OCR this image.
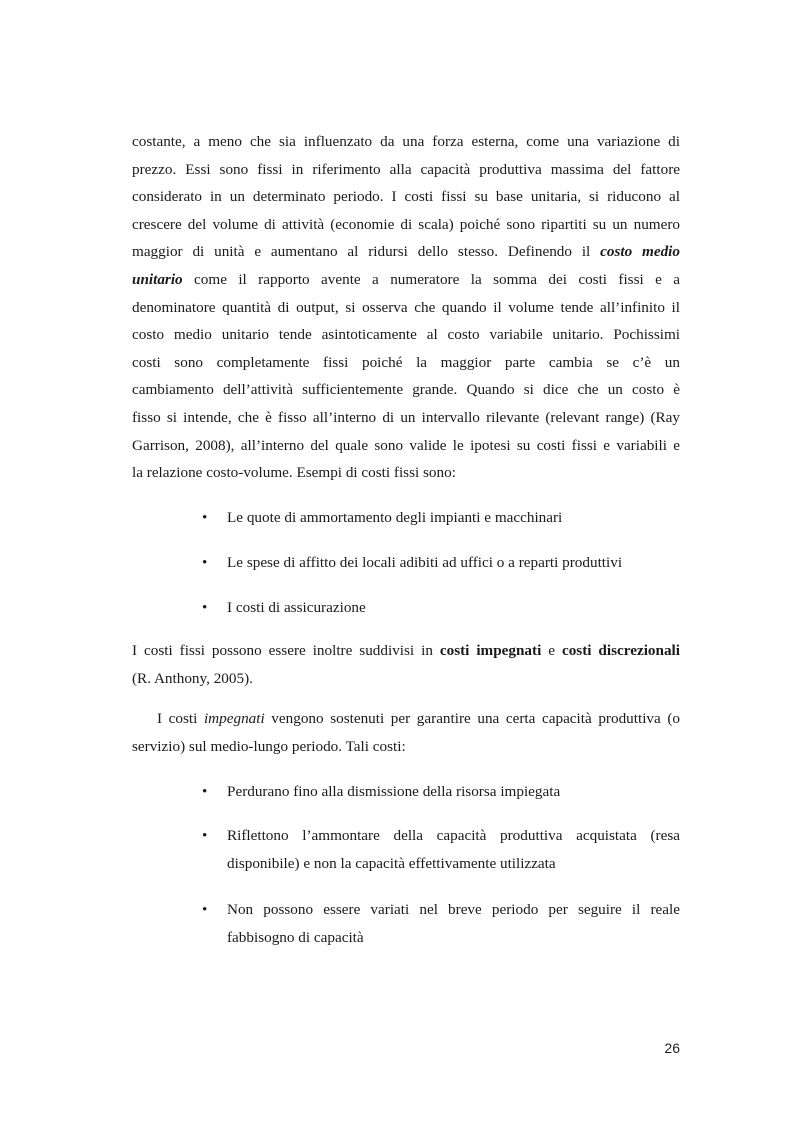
costante, a meno che sia influenzato da una forza esterna, come una variazione di
prezzo. Essi sono fissi in riferimento alla capacità produttiva massima del fattore
considerato in un determinato periodo. I costi fissi su base unitaria, si riducono al
crescere del volume di attività (economie di scala) poiché sono ripartiti su un numero
maggior di unità e aumentano al ridursi dello stesso. Definendo il costo medio
unitario come il rapporto avente a numeratore la somma dei costi fissi e a
denominatore quantità di output, si osserva che quando il volume tende all’infinito il
costo medio unitario tende asintoticamente al costo variabile unitario. Pochissimi
costi sono completamente fissi poiché la maggior parte cambia se c’è un
cambiamento dell’attività sufficientemente grande. Quando si dice che un costo è
fisso si intende, che è fisso all’interno di un intervallo rilevante (relevant range) (Ray
Garrison, 2008), all’interno del quale sono valide le ipotesi su costi fissi e variabili e
la relazione costo-volume. Esempi di costi fissi sono:
• Le quote di ammortamento degli impianti e macchinari
• Le spese di affitto dei locali adibiti ad uffici o a reparti produttivi
• I costi di assicurazione
I costi fissi possono essere inoltre suddivisi in costi impegnati e costi discrezionali
(R. Anthony, 2005).
I costi impegnati vengono sostenuti per garantire una certa capacità produttiva (o
servizio) sul medio-lungo periodo. Tali costi:
• Perdurano fino alla dismissione della risorsa impiegata
• Riflettono l’ammontare della capacità produttiva acquistata (resa
disponibile) e non la capacità effettivamente utilizzata
• Non possono essere variati nel breve periodo per seguire il reale
fabbisogno di capacità
26
